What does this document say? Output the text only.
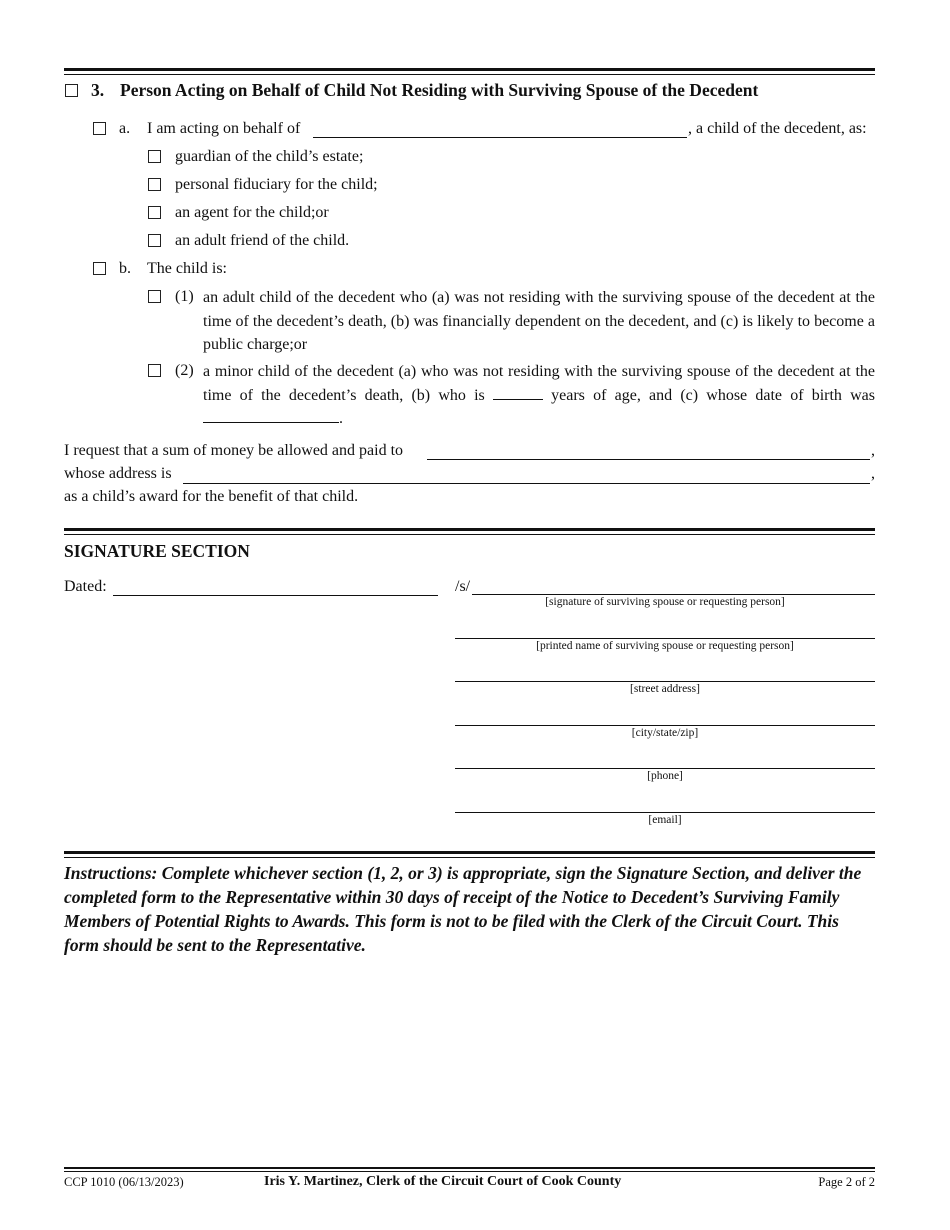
3. Person Acting on Behalf of Child Not Residing with Surviving Spouse of the Decedent
a. I am acting on behalf of	, a child of the decedent, as:
guardian of the child’s estate;
personal fiduciary for the child;
an agent for the child;or
an adult friend of the child.
b. The child is:
(1) an adult child of the decedent who (a) was not residing with the surviving spouse of the decedent at the time of the decedent’s death, (b) was financially dependent on the decedent, and (c) is likely to become a public charge;or
(2) a minor child of the decedent (a) who was not residing with the surviving spouse of the decedent at the time of the decedent’s death, (b) who is	years of age, and (c) whose date of birth was .
I request that a sum of money be allowed and paid to	,
whose address is	,
as a child’s award for the benefit of that child.
SIGNATURE SECTION
Dated:	/s/
[signature of surviving spouse or requesting person]
[printed name of surviving spouse or requesting person]
[street address]
[city/state/zip]
[phone]
[email]
Instructions: Complete whichever section (1, 2, or 3) is appropriate, sign the Signature Section, and deliver the completed form to the Representative within 30 days of receipt of the Notice to Decedent’s Surviving Family Members of Potential Rights to Awards. This form is not to be filed with the Clerk of the Circuit Court. This form should be sent to the Representative.
CCP 1010 (06/13/2023)	Iris Y. Martinez, Clerk of the Circuit Court of Cook County	Page 2 of 2
